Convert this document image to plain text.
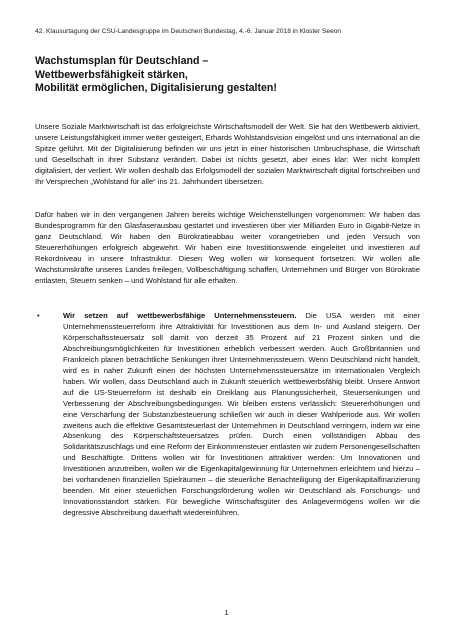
42. Klausurtagung der CSU-Landesgruppe im Deutschen Bundestag, 4.-6. Januar 2018 in Kloster Seeon
Wachstumsplan für Deutschland –
Wettbewerbsfähigkeit stärken,
Mobilität ermöglichen, Digitalisierung gestalten!

Unsere Soziale Marktwirtschaft ist das erfolgreichste Wirtschaftsmodell der Welt. Sie hat den Wettbewerb aktiviert, unsere Leistungsfähigkeit immer weiter gesteigert, Erhards Wohlstandsvision eingelöst und uns international an die Spitze geführt. Mit der Digitalisierung befinden wir uns jetzt in einer historischen Umbruchsphase, die Wirtschaft und Gesellschaft in ihrer Substanz verändert. Dabei ist nichts gesetzt, aber eines klar: Wer nicht komplett digitalisiert, der verliert. Wir wollen deshalb das Erfolgsmodell der sozialen Marktwirtschaft digital fortschreiben und Ihr Versprechen „Wohlstand für alle“ ins 21. Jahrhundert übersetzen.

Dafür haben wir in den vergangenen Jahren bereits wichtige Weichenstellungen vorgenommen: Wir haben das Bundesprogramm für den Glasfaserausbau gestartet und investieren über vier Milliarden Euro in Gigabit-Netze in ganz Deutschland. Wir haben den Bürokratieabbau weiter vorangetrieben und jeden Versuch von Steuererhöhungen erfolgreich abgewehrt. Wir haben eine Investitionswende eingeleitet und investieren auf Rekordniveau in unsere Infrastruktur. Diesen Weg wollen wir konsequent fortsetzen. Wir wollen alle Wachstumskräfte unseres Landes freilegen, Vollbeschäftigung schaffen, Unternehmen und Bürger von Bürokratie entlasten, Steuern senken – und Wohlstand für alle erhalten.

•	Wir setzen auf wettbewerbsfähige Unternehmenssteuern. Die USA werden mit einer Unternehmenssteuerreform ihre Attraktivität für Investitionen aus dem In- und Ausland steigern. Der Körperschaftssteuersatz soll damit von derzeit 35 Prozent auf 21 Prozent sinken und die Abschreibungsmöglichkeiten für Investitionen erheblich verbessert werden. Auch Großbritannien und Frankreich planen beträchtliche Senkungen ihrer Unternehmenssteuern. Wenn Deutschland nicht handelt, wird es in naher Zukunft einen der höchsten Unternehmenssteuersätze im internationalen Vergleich haben. Wir wollen, dass Deutschland auch in Zukunft steuerlich wettbewerbsfähig bleibt. Unsere Antwort auf die US-Steuerreform ist deshalb ein Dreiklang aus Planungssicherheit, Steuersenkungen und Verbesserung der Abschreibungsbedingungen. Wir bleiben erstens verlässlich: Steuererhöhungen und eine Verschärfung der Substanzbesteuerung schließen wir auch in dieser Wahlperiode aus. Wir wollen zweitens auch die effektive Gesamtsteuerlast der Unternehmen in Deutschland verringern, indem wir eine Absenkung des Körperschaftsteuersatzes prüfen. Durch einen vollständigen Abbau des Solidaritätszuschlags und eine Reform der Einkommensteuer entlasten wir zudem Personengesellschaften und Beschäftigte. Drittens wollen wir für Investitionen attraktiver werden: Um Innovationen und Investitionen anzutreiben, wollen wir die Eigenkapitalgewinnung für Unternehmen erleichtern und hierzu – bei vorhandenen finanziellen Spielräumen – die steuerliche Benachteiligung der Eigenkapitalfinanzierung beenden. Mit einer steuerlichen Forschungsförderung wollen wir Deutschland als Forschungs- und Innovationsstandort stärken. Für bewegliche Wirtschaftsgüter des Anlagevermögens wollen wir die degressive Abschreibung dauerhaft wiedereinführen.

1
